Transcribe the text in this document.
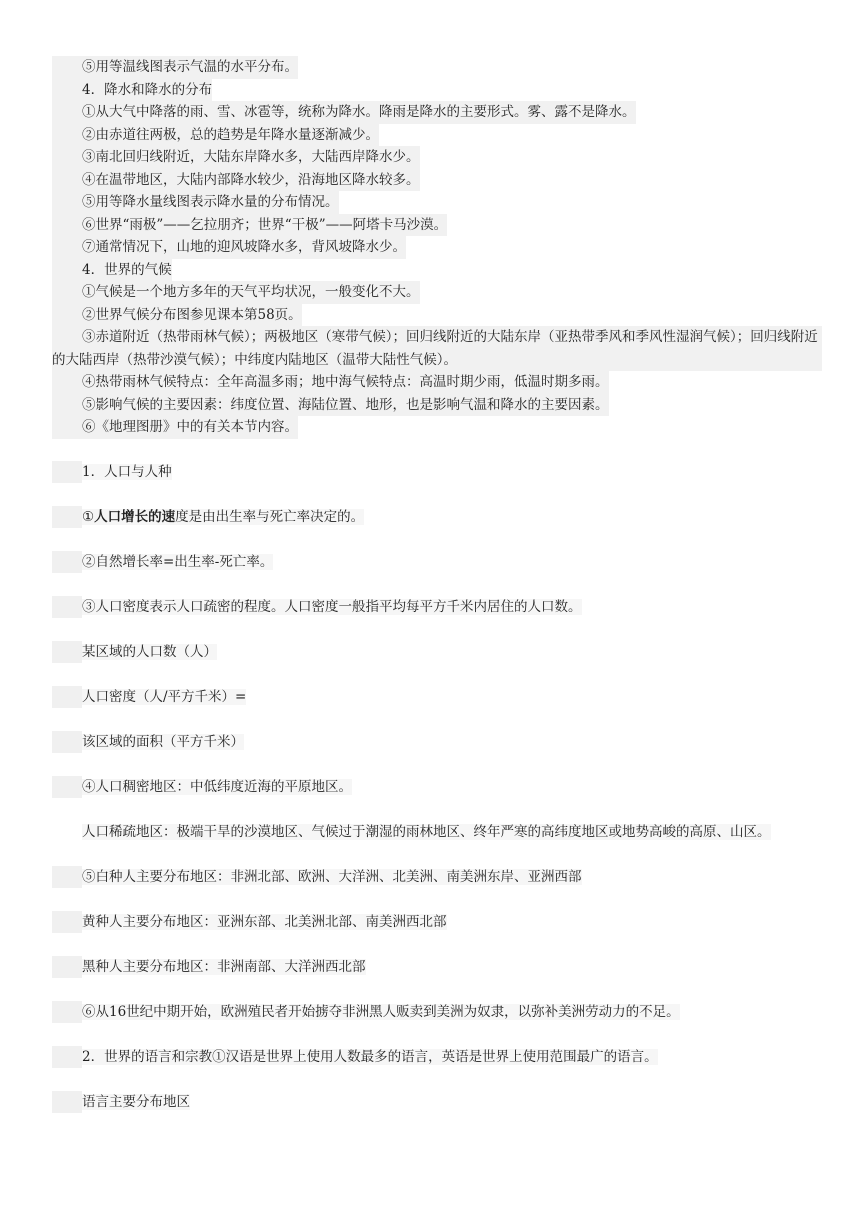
⑤用等温线图表示气温的水平分布。
4．降水和降水的分布
①从大气中降落的雨、雪、冰雹等，统称为降水。降雨是降水的主要形式。雾、露不是降水。
②由赤道往两极，总的趋势是年降水量逐渐减少。
③南北回归线附近，大陆东岸降水多，大陆西岸降水少。
④在温带地区，大陆内部降水较少，沿海地区降水较多。
⑤用等降水量线图表示降水量的分布情况。
⑥世界“雨极”——乞拉朋齐；世界“干极”——阿塔卡马沙漠。
⑦通常情况下，山地的迎风坡降水多，背风坡降水少。
4．世界的气候
①气候是一个地方多年的天气平均状况，一般变化不大。
②世界气候分布图参见课本第58页。
③赤道附近（热带雨林气候）；两极地区（寒带气候）；回归线附近的大陆东岸（亚热带季风和季风性湿润气候）；回归线附近的大陆西岸（热带沙漠气候）；中纬度内陆地区（温带大陆性气候）。
④热带雨林气候特点：全年高温多雨；地中海气候特点：高温时期少雨，低温时期多雨。
⑤影响气候的主要因素：纬度位置、海陆位置、地形，也是影响气温和降水的主要因素。
⑥《地理图册》中的有关本节内容。

1．人口与人种

①人口增长的速度是由出生率与死亡率决定的。

②自然增长率=出生率-死亡率。

③人口密度表示人口疏密的程度。人口密度一般指平均每平方千米内居住的人口数。

某区域的人口数（人）

人口密度（人/平方千米）=

该区域的面积（平方千米）

④人口稠密地区：中低纬度近海的平原地区。

人口稀疏地区：极端干旱的沙漠地区、气候过于潮湿的雨林地区、终年严寒的高纬度地区或地势高峻的高原、山区。

⑤白种人主要分布地区：非洲北部、欧洲、大洋洲、北美洲、南美洲东岸、亚洲西部

黄种人主要分布地区：亚洲东部、北美洲北部、南美洲西北部

黑种人主要分布地区：非洲南部、大洋洲西北部

⑥从16世纪中期开始，欧洲殖民者开始掳夺非洲黑人贩卖到美洲为奴隶，以弥补美洲劳动力的不足。

2．世界的语言和宗教①汉语是世界上使用人数最多的语言，英语是世界上使用范围最广的语言。

语言主要分布地区
